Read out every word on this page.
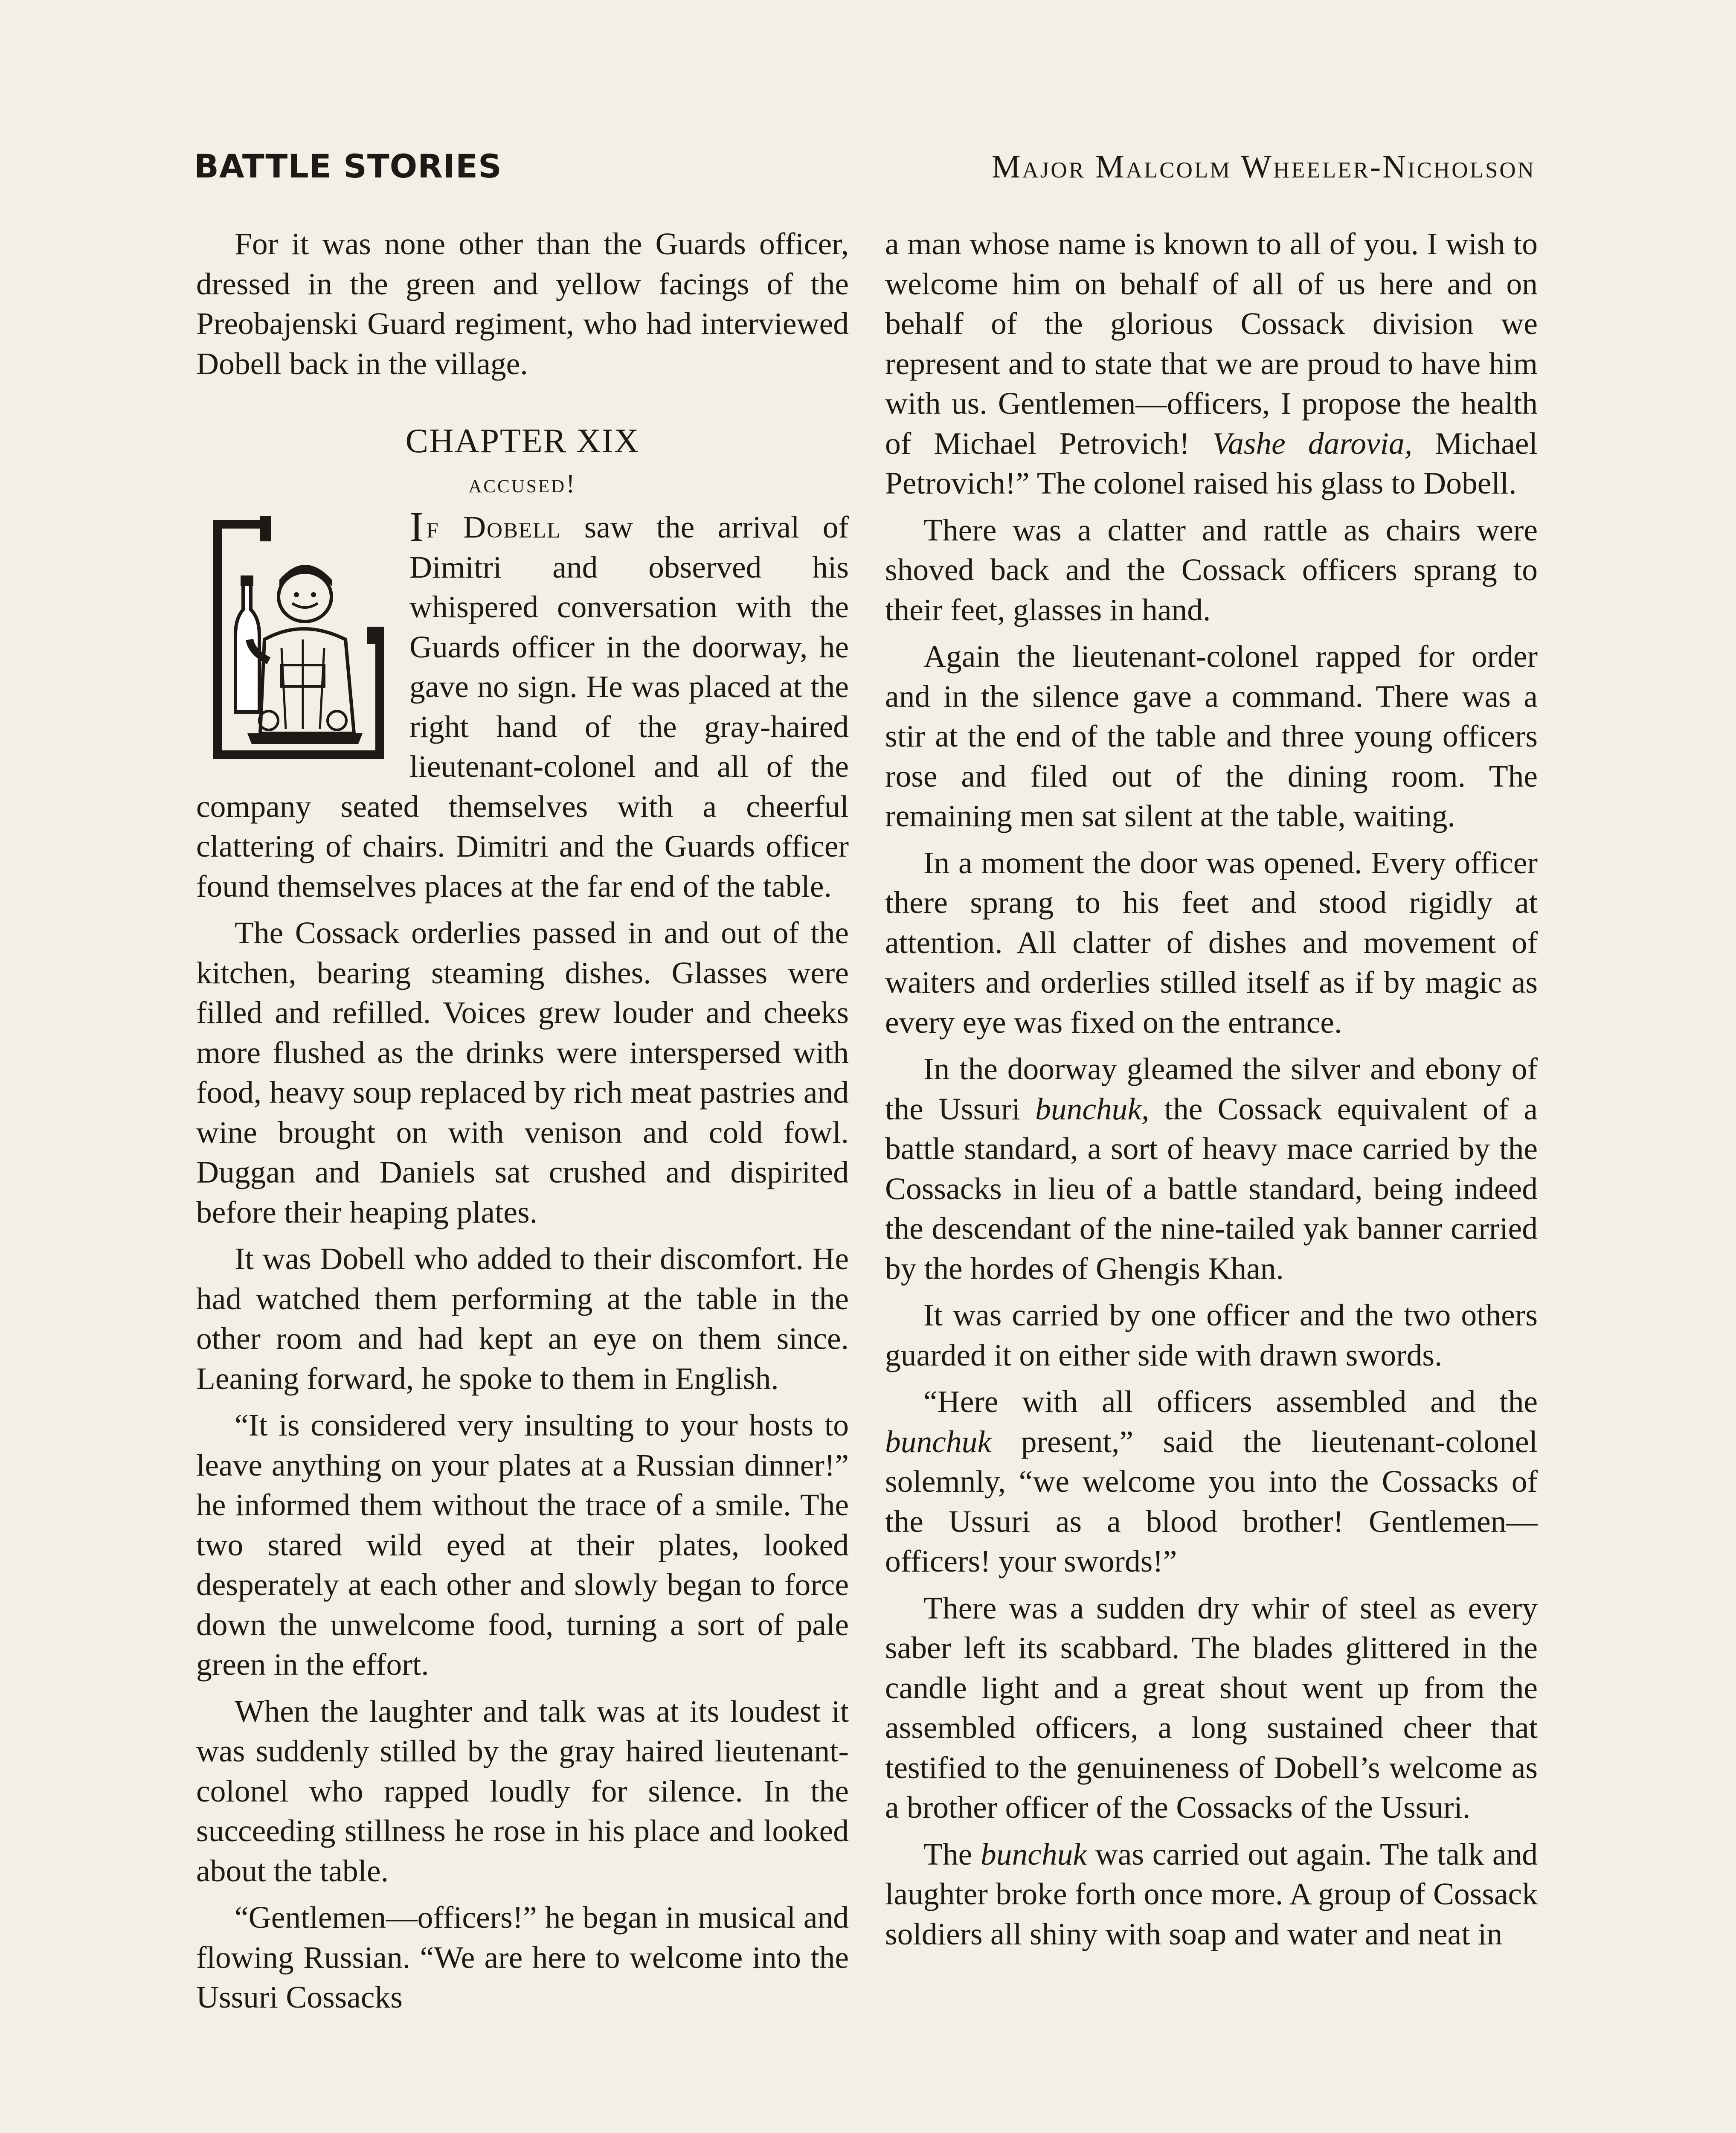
BATTLE STORIES	Major Malcolm Wheeler-Nicholson

For it was none other than the Guards officer, dressed in the green and yellow facings of the Preobajenski Guard regiment, who had interviewed Dobell back in the village.

CHAPTER XIX
accused!

I f Dobell saw the arrival of Dimitri and observed his whispered conversation with the Guards officer in the doorway, he gave no sign. He was placed at the right hand of the gray-haired lieutenant-colonel and all of the company seated themselves with a cheerful clattering of chairs. Dimitri and the Guards officer found themselves places at the far end of the table.

The Cossack orderlies passed in and out of the kitchen, bearing steaming dishes. Glasses were filled and refilled. Voices grew louder and cheeks more flushed as the drinks were interspersed with food, heavy soup replaced by rich meat pastries and wine brought on with venison and cold fowl. Duggan and Daniels sat crushed and dispirited before their heaping plates.

It was Dobell who added to their discomfort. He had watched them performing at the table in the other room and had kept an eye on them since. Leaning forward, he spoke to them in English.

“It is considered very insulting to your hosts to leave anything on your plates at a Russian dinner!” he informed them without the trace of a smile. The two stared wild eyed at their plates, looked desperately at each other and slowly began to force down the unwelcome food, turning a sort of pale green in the effort.

When the laughter and talk was at its loudest it was suddenly stilled by the gray haired lieutenant-colonel who rapped loudly for silence. In the succeeding stillness he rose in his place and looked about the table.

“Gentlemen—officers!” he began in musical and flowing Russian. “We are here to welcome into the Ussuri Cossacks

a man whose name is known to all of you. I wish to welcome him on behalf of all of us here and on behalf of the glorious Cossack division we represent and to state that we are proud to have him with us. Gentlemen—officers, I propose the health of Michael Petrovich! Vashe darovia, Michael Petrovich!” The colonel raised his glass to Dobell.

There was a clatter and rattle as chairs were shoved back and the Cossack officers sprang to their feet, glasses in hand.

Again the lieutenant-colonel rapped for order and in the silence gave a command. There was a stir at the end of the table and three young officers rose and filed out of the dining room. The remaining men sat silent at the table, waiting.

In a moment the door was opened. Every officer there sprang to his feet and stood rigidly at attention. All clatter of dishes and movement of waiters and orderlies stilled itself as if by magic as every eye was fixed on the entrance.

In the doorway gleamed the silver and ebony of the Ussuri bunchuk, the Cossack equivalent of a battle standard, a sort of heavy mace carried by the Cossacks in lieu of a battle standard, being indeed the descendant of the nine-tailed yak banner carried by the hordes of Ghengis Khan.

It was carried by one officer and the two others guarded it on either side with drawn swords.

“Here with all officers assembled and the bunchuk present,” said the lieutenant-colonel solemnly, “we welcome you into the Cossacks of the Ussuri as a blood brother! Gentlemen—officers! your swords!”

There was a sudden dry whir of steel as every saber left its scabbard. The blades glittered in the candle light and a great shout went up from the assembled officers, a long sustained cheer that testified to the genuineness of Dobell’s welcome as a brother officer of the Cossacks of the Ussuri.

The bunchuk was carried out again. The talk and laughter broke forth once more. A group of Cossack soldiers all shiny with soap and water and neat in
